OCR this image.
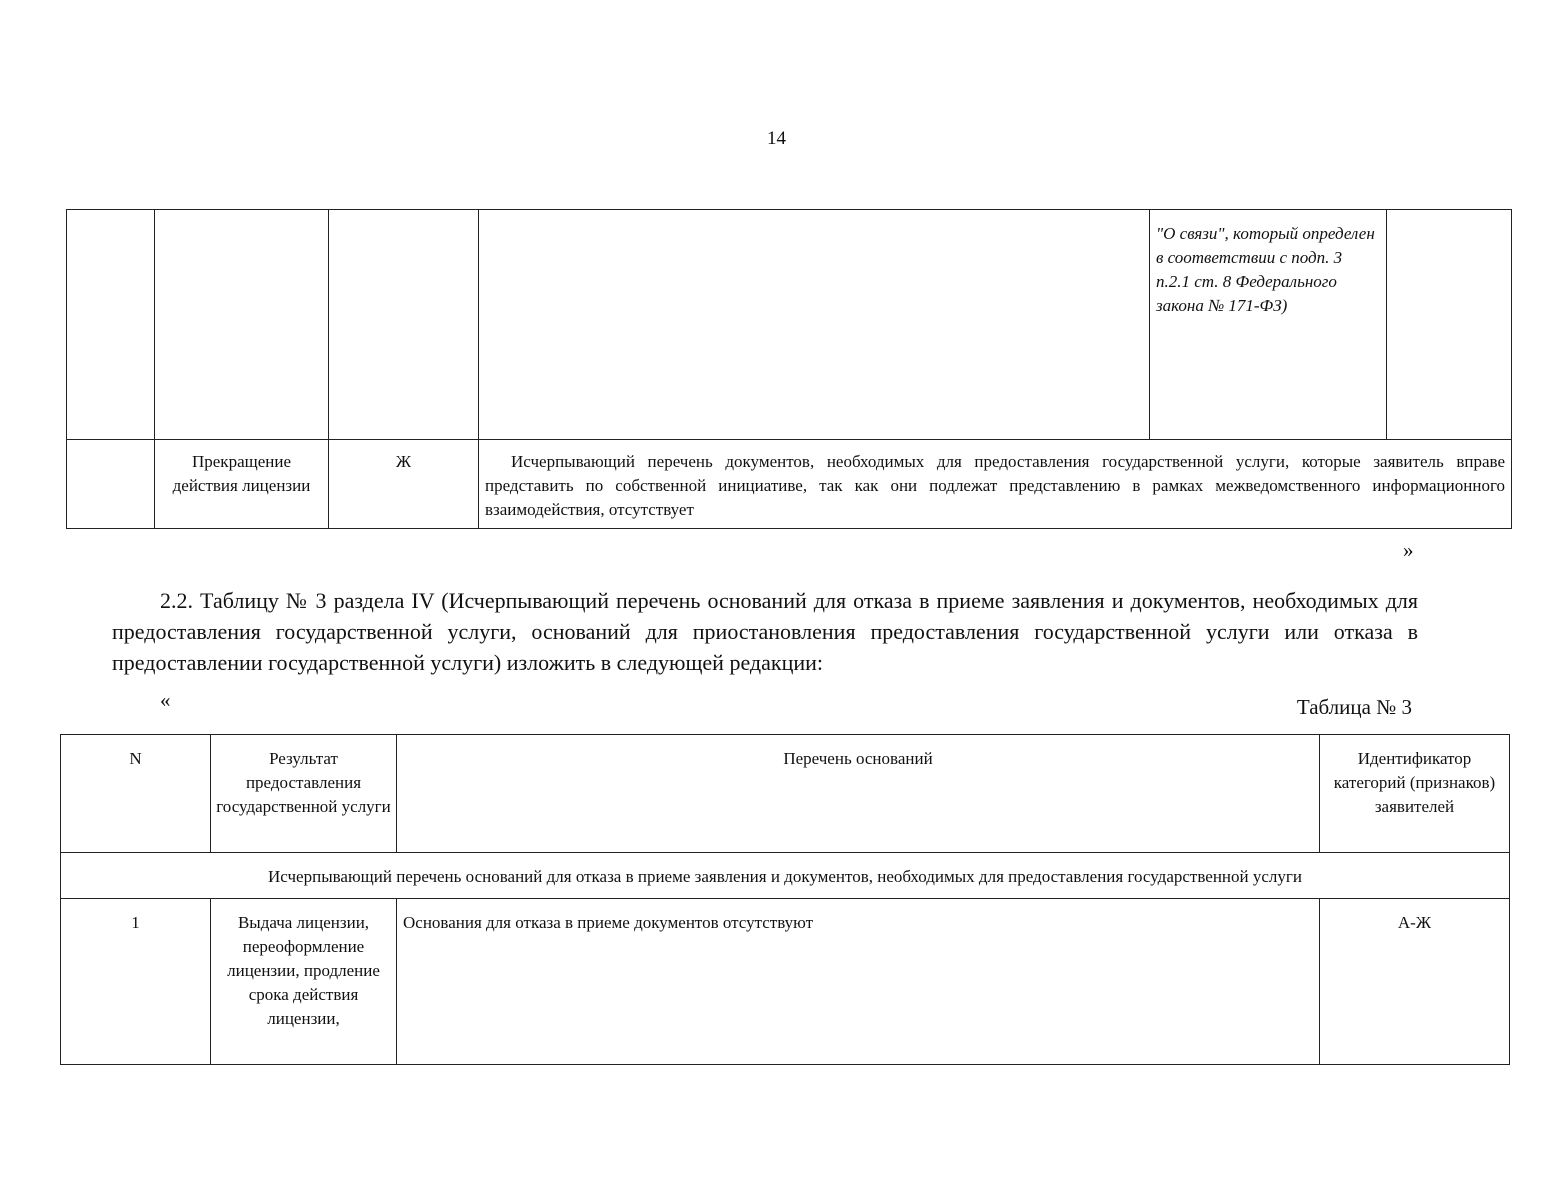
14
				"О связи", который определен в соответствии с подп. 3 п.2.1 ст. 8 Федерального закона № 171-ФЗ)	
	Прекращение действия лицензии	Ж	Исчерпывающий перечень документов, необходимых для предоставления государственной услуги, которые заявитель вправе представить по собственной инициативе, так как они подлежат представлению в рамках межведомственного информационного взаимодействия, отсутствует		
»
2.2. Таблицу № 3 раздела IV (Исчерпывающий перечень оснований для отказа в приеме заявления и документов, необходимых для предоставления государственной услуги, оснований для приостановления предоставления государственной услуги или отказа в предоставлении государственной услуги) изложить в следующей редакции:
«	Таблица № 3
N	Результат предоставления государственной услуги	Перечень оснований	Идентификатор категорий (признаков) заявителей
Исчерпывающий перечень оснований для отказа в приеме заявления и документов, необходимых для предоставления государственной услуги			
1	Выдача лицензии, переоформление лицензии, продление срока действия лицензии,	Основания для отказа в приеме документов отсутствуют	А-Ж
